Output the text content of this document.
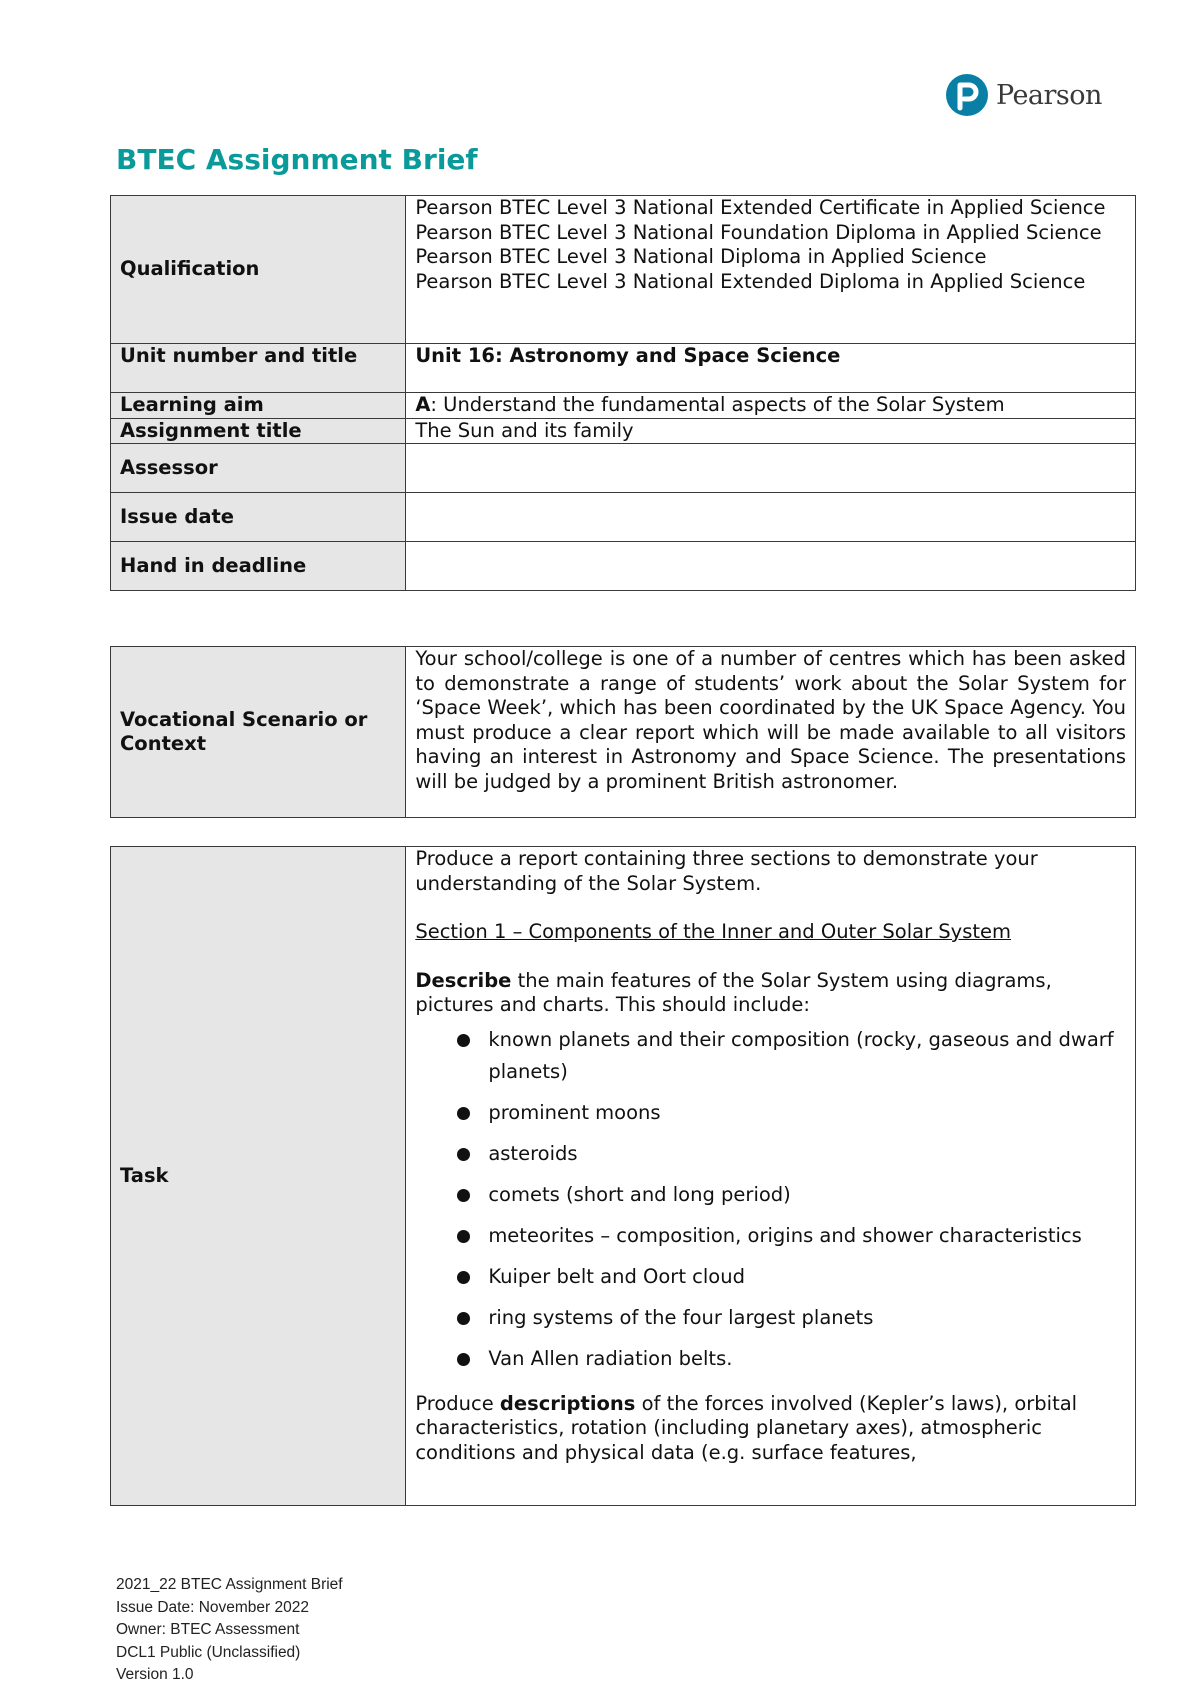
Pearson
BTEC Assignment Brief
Qualification	Pearson BTEC Level 3 National Extended Certificate in Applied Science
Pearson BTEC Level 3 National Foundation Diploma in Applied Science
Pearson BTEC Level 3 National Diploma in Applied Science
Pearson BTEC Level 3 National Extended Diploma in Applied Science

Unit number and title	Unit 16: Astronomy and Space Science
Learning aim	A: Understand the fundamental aspects of the Solar System
Assignment title	The Sun and its family
Assessor	
Issue date	
Hand in deadline	
Vocational Scenario or Context	Your school/college is one of a number of centres which has been asked to demonstrate a range of students’ work about the Solar System for ‘Space Week’, which has been coordinated by the UK Space Agency. You must produce a clear report which will be made available to all visitors having an interest in Astronomy and Space Science. The presentations will be judged by a prominent British astronomer.
Task	
Produce a report containing three sections to demonstrate your understanding of the Solar System.
Section 1 – Components of the Inner and Outer Solar System
Describe the main features of the Solar System using diagrams, pictures and charts. This should include:
known planets and their composition (rocky, gaseous and dwarf planets)
prominent moons
asteroids
comets (short and long period)
meteorites – composition, origins and shower characteristics
Kuiper belt and Oort cloud
ring systems of the four largest planets
Van Allen radiation belts.
Produce descriptions of the forces involved (Kepler’s laws), orbital characteristics, rotation (including planetary axes), atmospheric conditions and physical data (e.g. surface features,
2021_22 BTEC Assignment Brief
Issue Date: November 2022
Owner: BTEC Assessment
DCL1 Public (Unclassified)
Version 1.0
